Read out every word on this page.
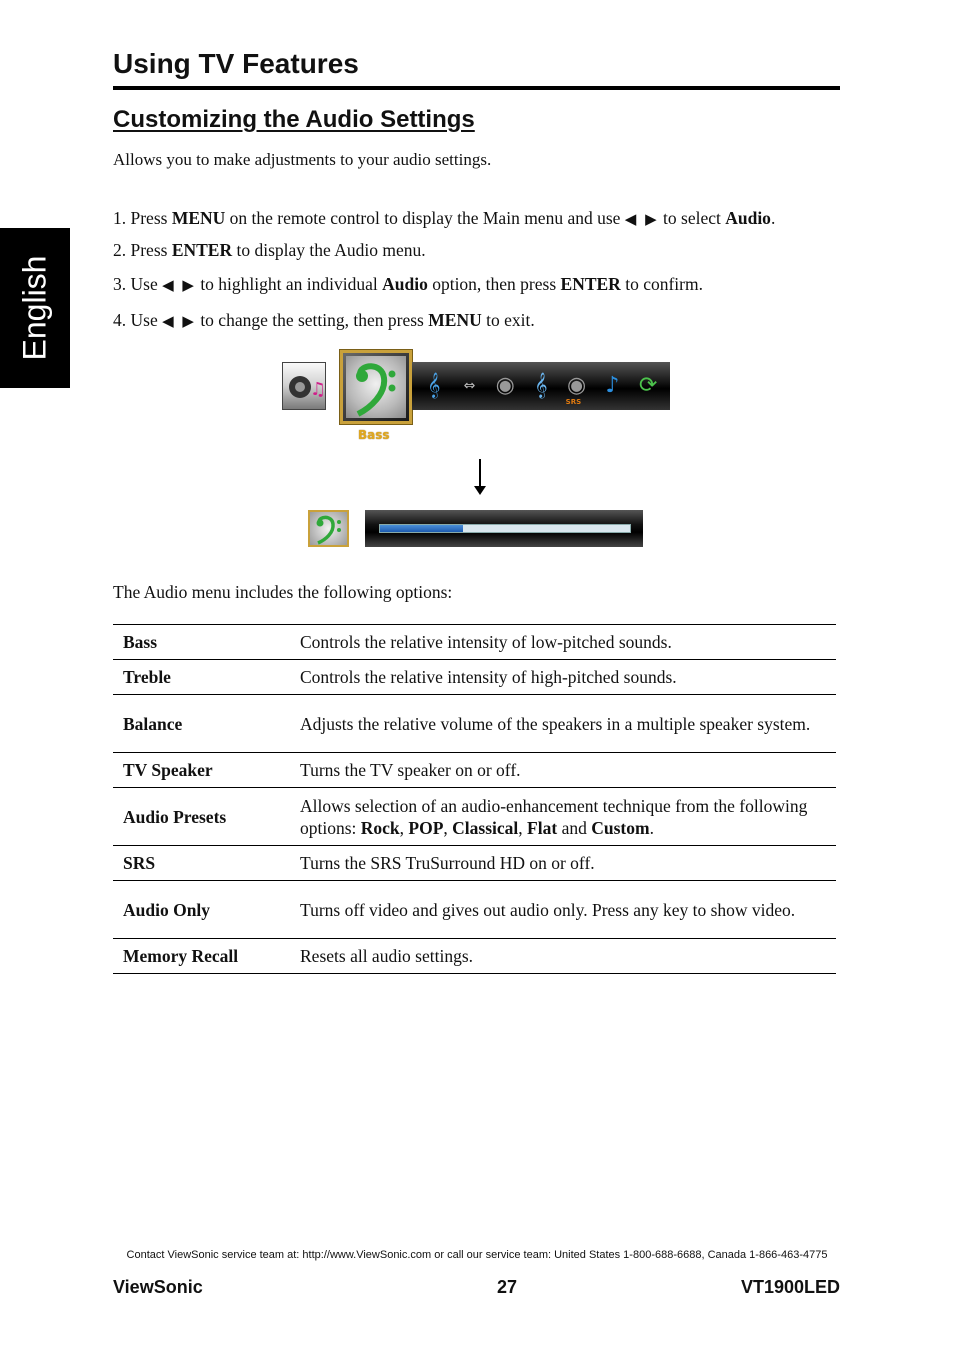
English
Using TV Features
Customizing the Audio Settings
Allows you to make adjustments to your audio settings.
1. Press MENU on the remote control to display the Main menu and use ◀ ▶ to select Audio.
2. Press ENTER to display the Audio menu.
3. Use ◀ ▶ to highlight an individual Audio option, then press ENTER to confirm.
4. Use ◀ ▶ to change the setting, then press MENU to exit.
♫
Bass
𝄞	⇔ ◉ 𝄞 ◉
SRS
♪ ⟳
The Audio menu includes the following options:
Bass	Controls the relative intensity of low-pitched sounds.
Treble	Controls the relative intensity of high-pitched sounds.
Balance	Adjusts the relative volume of the speakers in a multiple speaker system.
TV Speaker	Turns the TV speaker on or off.
Audio Presets	Allows selection of an audio-enhancement technique from the following options: Rock, POP, Classical, Flat and Custom.
SRS	Turns the SRS TruSurround HD on or off.
Audio Only	Turns off video and gives out audio only. Press any key to show video.
Memory Recall	Resets all audio settings.
Contact ViewSonic service team at: http://www.ViewSonic.com or call our service team: United States 1-800-688-6688, Canada 1-866-463-4775
ViewSonic	27	VT1900LED
